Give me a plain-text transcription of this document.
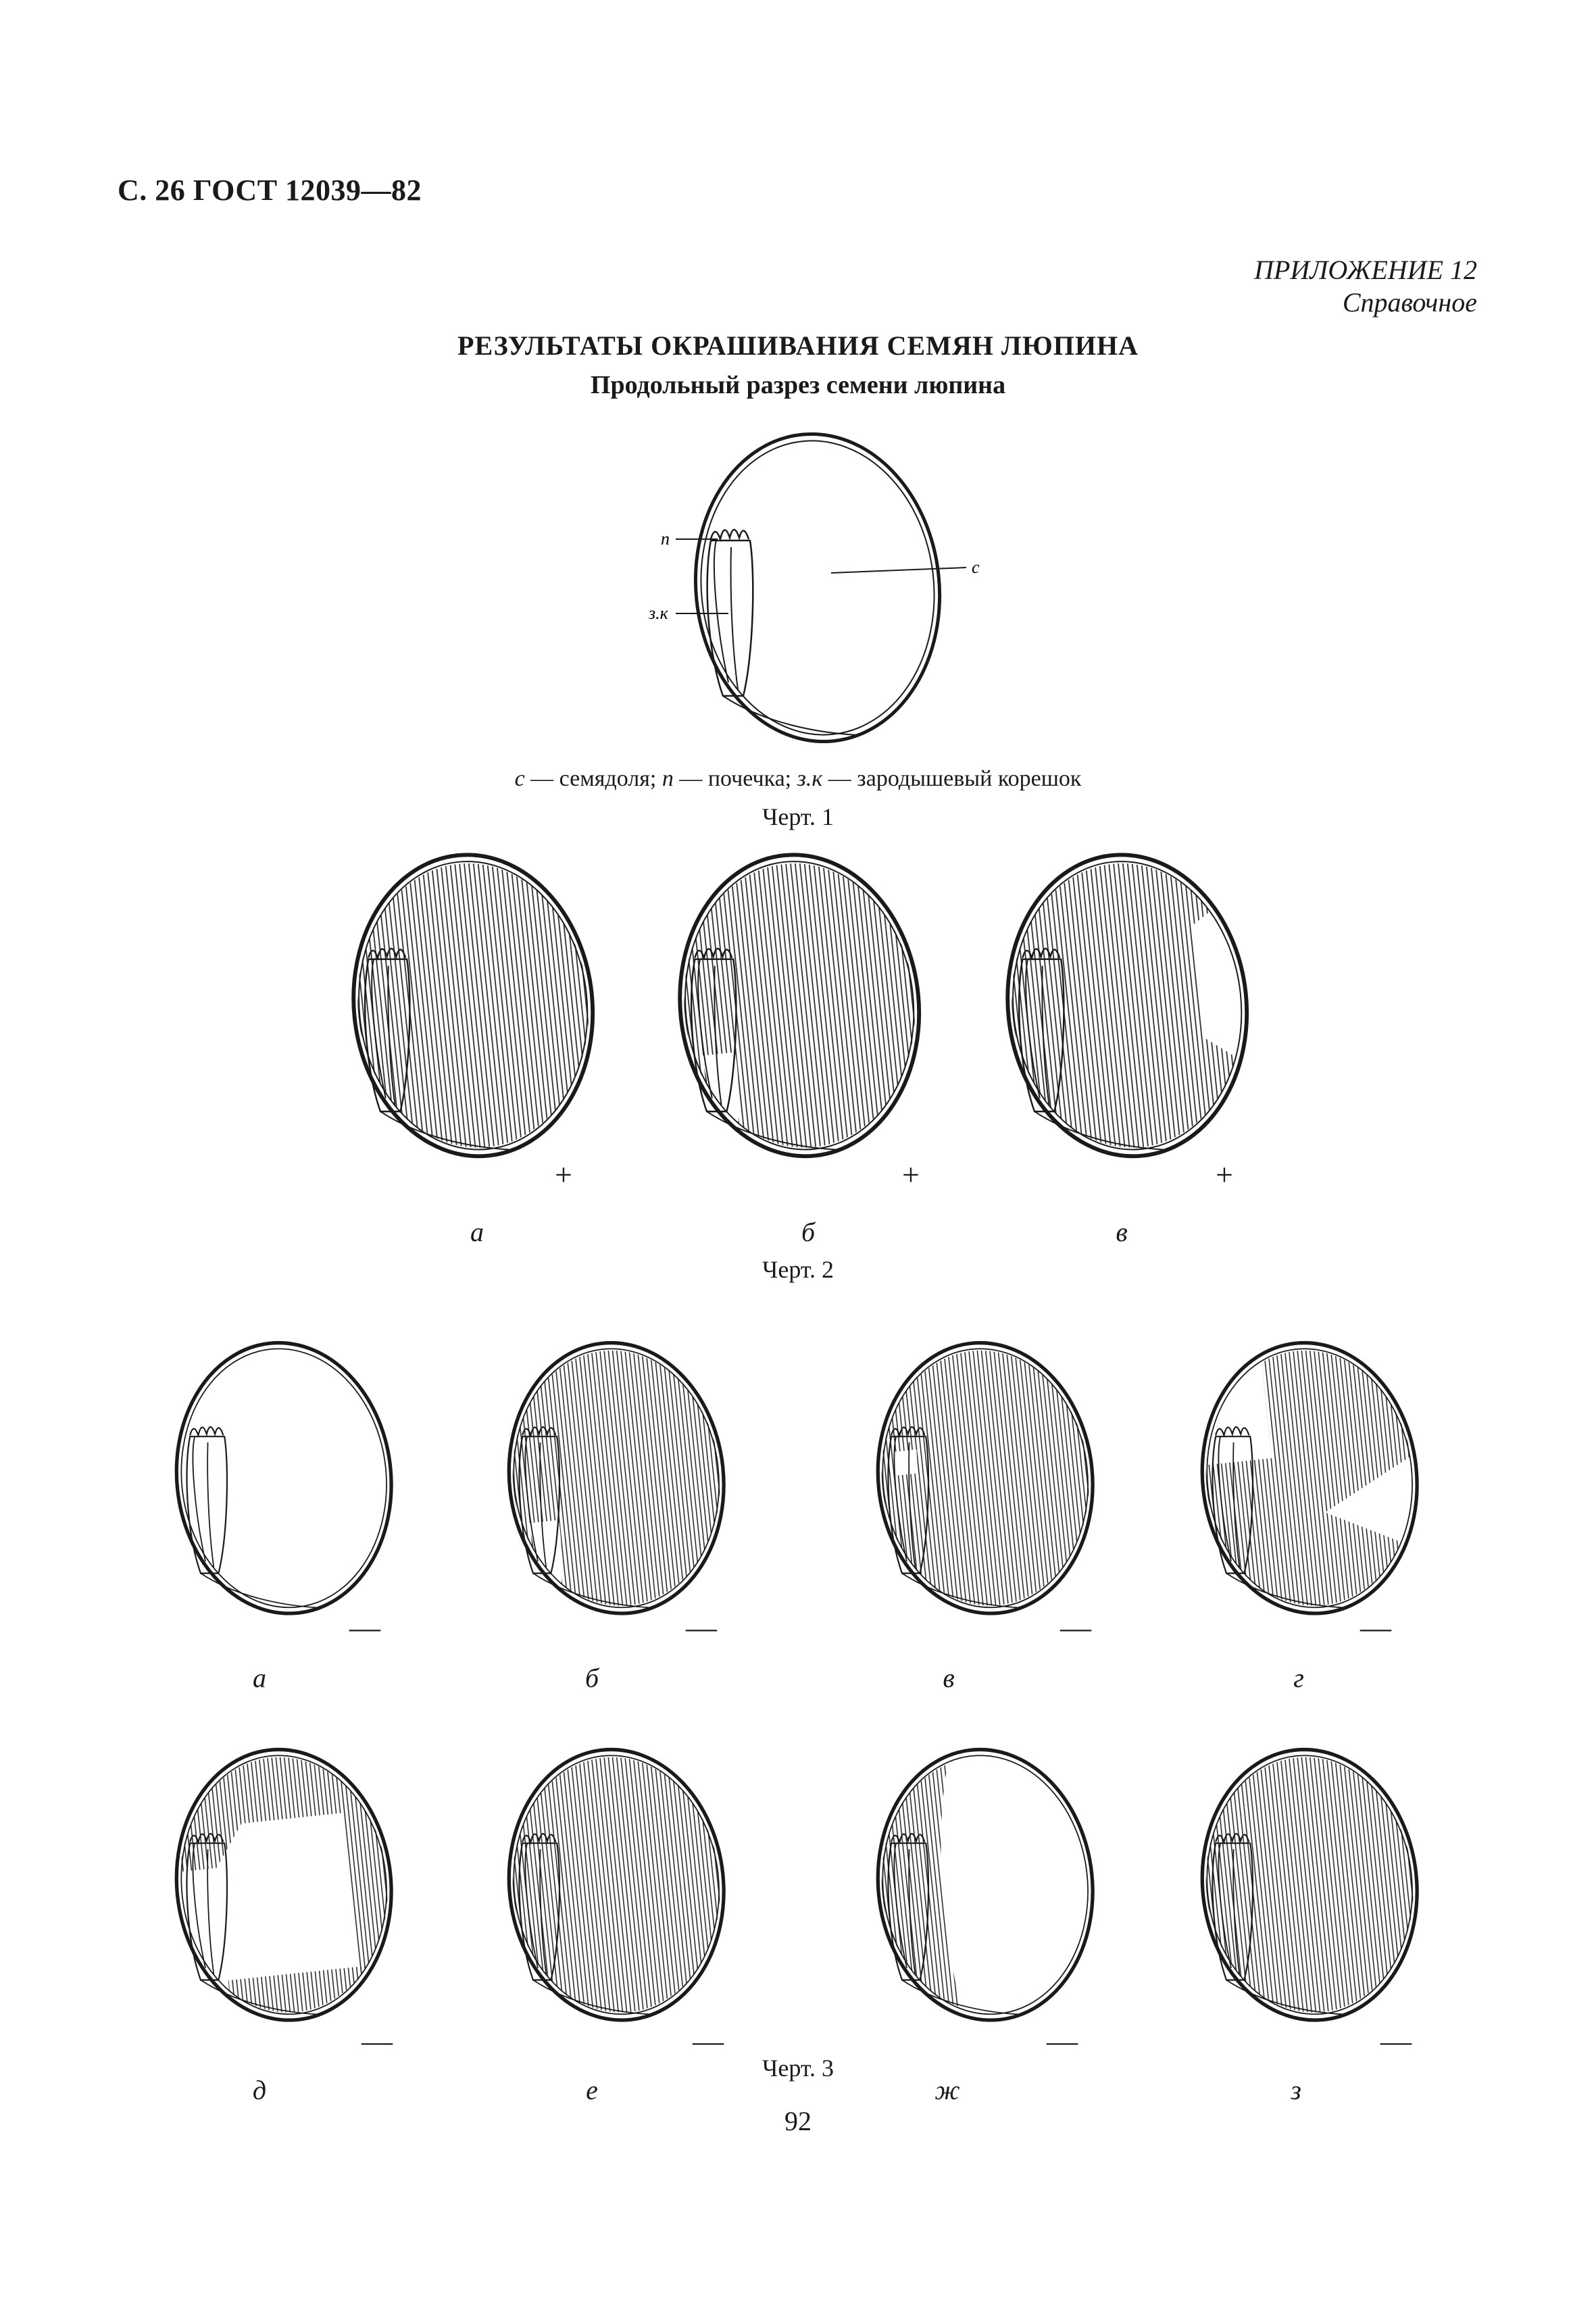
С. 26 ГОСТ 12039—82
ПРИЛОЖЕНИЕ 12
Справочное
РЕЗУЛЬТАТЫ ОКРАШИВАНИЯ СЕМЯН ЛЮПИНА
Продольный разрез семени люпина
п
з.к
с
с — семядоля; п — почечка; з.к — зародышевый корешок
Черт. 1
+
а
+
б
+
в
Черт. 2
—
а
—
б
—
в
—
г
—
д
—
е
—
ж
—
з
Черт. 3
92
